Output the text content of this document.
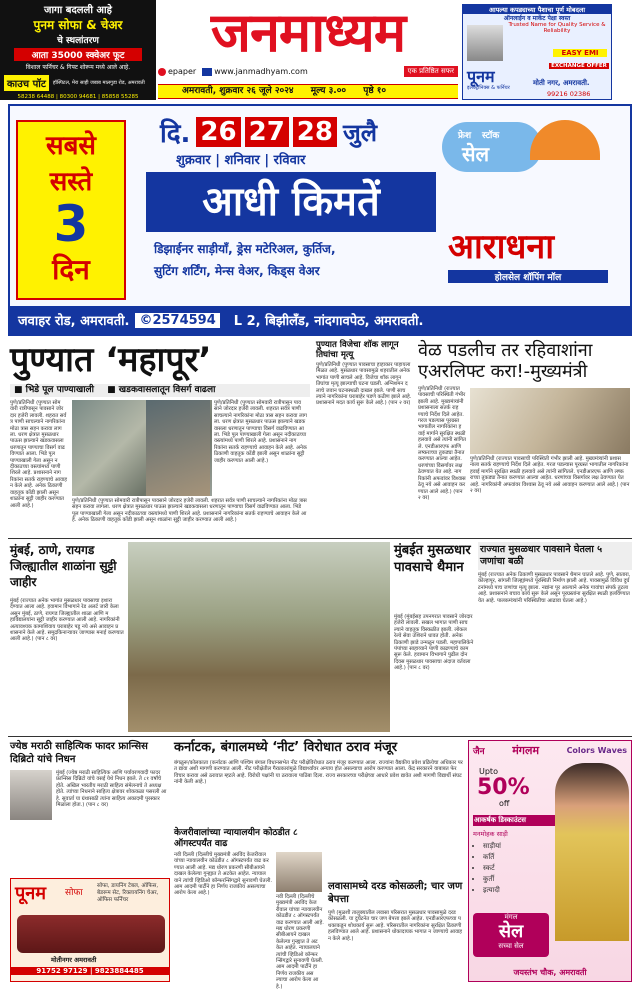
जागा बदलली आहे
पुनम सोफा & चेअर
चे स्थलांतरण
आता 35000 स्क्वेअर फूट
विशाल फर्निचर & गिफ्ट शोरूम मध्ये आले आहे.
काउच पॉट	हॉस्पिटल, मेरा साही जबाब मालगुडा रोड, अमरावती
58238 64488 | 80300 94681 | 85858 55285
जनमाध्यम
epaper www.janmadhyam.com	एक प्रतिष्ठित सफर
आपल्या कपड्याच्या पैशाचा पूर्ण मोबदला
ऑनलाईन व मार्केट पेक्षा स्वस्त
Trusted Name for Quality Service & Reliability
पूनम
इलेक्ट्रॉनिक्स & फर्निचर
EASY EMI
EXCHANGE OFFER
मोती नगर, अमरावती.
99216 02386
अमरावती, शुक्रवार २६ जूले २०२४ मूल्य ३.०० पृष्ठे १०
सबसे
सस्ते
3
दिन
दि. 26 27 28 जुलै
शुक्रवार | शनिवार | रविवार
आधी किमतें
डिझाईनर साड़ीयाँ, ड्रेस मटेरिअल, कुर्तिज,
सुटिंग शर्टिंग, मेन्स वेअर, किड्स वेअर
फ्रेश स्टॉक
सेल
आराधना
होलसेल शॉपिंग मॉल
जवाहर रोड, अमरावती. ©2574594	L 2, बिझीलँड, नांदगावपेठ, अमरावती.
पुण्यात ‘महापूर’
■ भिडे पूल पाण्याखाली ■ खडकवासलातून विसर्ग वाढला
पुणे/प्रतिनिधी (पुण्यात सोमवारी रात्रीपासून पावसाने जोरदार हजेरी लावली. शहरात सर्वत्र पाणी साचल्याने नागरिकांना मोठा त्रास सहन करावा लागला. धरण क्षेत्रात मुसळधार पाऊस झाल्याने खडकवासला धरणातून पाण्याचा विसर्ग वाढविण्यात आला. भिडे पूल पाण्याखाली गेला असून नदीकाठच्या वस्त्यांमध्ये पाणी शिरले आहे. प्रशासनाने नागरिकांना सतर्क राहण्याचे आवाहन केले आहे. अनेक ठिकाणी वाहतूक कोंडी झाली असून शाळांना सुट्टी जाहीर करण्यात आली आहे.)
पुणे/प्रतिनिधी (पुण्यात सोमवारी रात्रीपासून पावसाने जोरदार हजेरी लावली. शहरात सर्वत्र पाणी साचल्याने नागरिकांना मोठा त्रास सहन करावा लागला. धरण क्षेत्रात मुसळधार पाऊस झाल्याने खडकवासला धरणातून पाण्याचा विसर्ग वाढविण्यात आला. भिडे पूल पाण्याखाली गेला असून नदीकाठच्या वस्त्यांमध्ये पाणी शिरले आहे. प्रशासनाने नागरिकांना सतर्क राहण्याचे आवाहन केले आहे. अनेक ठिकाणी वाहतूक कोंडी झाली असून शाळांना सुट्टी जाहीर करण्यात आली आहे.)
पुणे/प्रतिनिधी (पुण्यात सोमवारी रात्रीपासून पावसाने जोरदार हजेरी लावली. शहरात सर्वत्र पाणी साचल्याने नागरिकांना मोठा त्रास सहन करावा लागला. धरण क्षेत्रात मुसळधार पाऊस झाल्याने खडकवासला धरणातून पाण्याचा विसर्ग वाढविण्यात आला. भिडे पूल पाण्याखाली गेला असून नदीकाठच्या वस्त्यांमध्ये पाणी शिरले आहे. प्रशासनाने नागरिकांना सतर्क राहण्याचे आवाहन केले आहे. अनेक ठिकाणी वाहतूक कोंडी झाली असून शाळांना सुट्टी जाहीर करण्यात आली आहे.)
पुण्यात विजेचा शॉक लागून तिघांचा मृत्यू
पुणे/प्रतिनिधी (पुण्यात पावसाचा हाहाकार पाहायला मिळत आहे. मुसळधार पावसामुळे शहरातील अनेक भागांत पाणी साचले आहे. विजेचा शॉक लागून तिघांचा मृत्यू झाल्याची घटना घडली. अग्निशमन दलाचे जवान घटनास्थळी दाखल झाले. पाणी साचल्याने नागरिकांना घराबाहेर पडणे कठीण झाले आहे. प्रशासनाने मदत कार्य सुरू केले आहे.) (पान २ वर)
वेळ पडलीच तर रहिवाशांना एअरलिफ्ट करा!-मुख्यमंत्री
पुणे/प्रतिनिधी (राज्यात पावसाची परिस्थिती गंभीर झाली आहे. मुख्यमंत्र्यांनी प्रशासनाला सतर्क राहण्याचे निर्देश दिले आहेत. गरज पडल्यास पूरग्रस्त भागातील नागरिकांना हवाई मार्गाने सुरक्षित स्थळी हलवावे असे त्यांनी सांगितले. एनडीआरएफ आणि लष्कराच्या तुकड्या तैनात करण्यात आल्या आहेत. धरणांच्या विसर्गावर लक्ष ठेवण्यात येत आहे. नागरिकांनी अफवांवर विश्वास ठेवू नये असे आवाहन करण्यात आले आहे.) (पान २ वर)
पुणे/प्रतिनिधी (राज्यात पावसाची परिस्थिती गंभीर झाली आहे. मुख्यमंत्र्यांनी प्रशासनाला सतर्क राहण्याचे निर्देश दिले आहेत. गरज पडल्यास पूरग्रस्त भागातील नागरिकांना हवाई मार्गाने सुरक्षित स्थळी हलवावे असे त्यांनी सांगितले. एनडीआरएफ आणि लष्कराच्या तुकड्या तैनात करण्यात आल्या आहेत. धरणांच्या विसर्गावर लक्ष ठेवण्यात येत आहे. नागरिकांनी अफवांवर विश्वास ठेवू नये असे आवाहन करण्यात आले आहे.) (पान २ वर)
मुंबई, ठाणे, रायगड जिल्ह्यातील शाळांना सुट्टी जाहीर
मुंबई (राज्यात अनेक भागांत मुसळधार पावसाचा इशारा देण्यात आला आहे. हवामान विभागाने रेड अलर्ट जारी केला असून मुंबई, ठाणे, रायगड जिल्ह्यातील शाळा आणि महाविद्यालयांना सुट्टी जाहीर करण्यात आली आहे. नागरिकांनी अत्यावश्यक कामाशिवाय घराबाहेर पडू नये असे आवाहन प्रशासनाने केले आहे. समुद्रकिनाऱ्यावर जाण्यास मनाई करण्यात आली आहे.) (पान ८ वर)
मुंबईत मुसळधार पावसाचे थैमान
मुंबई (मुंबईसह उपनगरात पावसाने जोरदार हजेरी लावली. सखल भागात पाणी साचल्याने वाहतूक विस्कळीत झाली. लोकल रेल्वे सेवा उशिराने धावत होती. अनेक ठिकाणी झाडे उन्मळून पडली. महापालिकेने पंपांच्या साहाय्याने पाणी काढण्याचे काम सुरू केले. हवामान विभागाने पुढील दोन दिवस मुसळधार पावसाचा अंदाज वर्तवला आहे.) (पान ८ वर)
राज्यात मुसळधार पावसाने घेतला ५ जणांचा बळी
मुंबई (राज्यात अनेक ठिकाणी मुसळधार पावसाने थैमान घातले आहे. पुणे, सातारा, कोल्हापूर, सांगली जिल्ह्यांमध्ये पूरस्थिती निर्माण झाली आहे. पावसामुळे विविध दुर्घटनांमध्ये पाच जणांचा मृत्यू झाला. नद्यांना पूर आल्याने अनेक गावांचा संपर्क तुटला आहे. प्रशासनाने बचाव कार्य सुरू केले असून पूरग्रस्तांना सुरक्षित स्थळी हलविण्यात येत आहे. पालकमंत्र्यांनी परिस्थितीचा आढावा घेतला आहे.)
ज्येष्ठ मराठी साहित्यिक फादर फ्रान्सिस दिब्रिटो यांचे निधन
मुंबई (ज्येष्ठ मराठी साहित्यिक आणि पर्यावरणवादी फादर फ्रान्सिस दिब्रिटो यांचे वसई येथे निधन झाले. ते ८१ वर्षांचे होते. अखिल भारतीय मराठी साहित्य संमेलनाचे ते अध्यक्ष होते. त्यांच्या निधनाने साहित्य क्षेत्रावर शोककळा पसरली आहे. सुवार्ता या ग्रंथासाठी त्यांना साहित्य अकादमी पुरस्कार मिळाला होता.) (पान ८ वर)
पूनम सोफा
सोफा, डायनिंग टेबल, ऑफिस, बेडरूम सेट, रिक्लायनिंग चेअर, ऑफिस फर्निचर
मोतीनगर अमरावती
91752 97129 | 9823884485
कर्नाटक, बंगालमध्ये ‘नीट’ विरोधात ठराव मंजूर
बंगळुरू/कोलकाता (कर्नाटक आणि पश्चिम बंगाल विधानसभेत नीट परीक्षेविरोधात ठराव मंजूर करण्यात आला. राज्यांना वैद्यकीय प्रवेश प्रक्रियेचा अधिकार परत द्यावा अशी मागणी करण्यात आली. नीट परीक्षेतील गैरप्रकारांमुळे विद्यार्थ्यांवर अन्याय होत असल्याचा आरोप करण्यात आला. केंद्र सरकारने याबाबत फेरविचार करावा असे ठरावात म्हटले आहे. विरोधी पक्षांनी या ठरावाला पाठिंबा दिला. राज्य सरकारच्या परीक्षेच्या आधारे प्रवेश द्यावेत अशी मागणी विद्यार्थी संघटनांनी केली आहे.)
केजरीवालांच्या न्यायालयीन कोठडीत ८ ऑगस्टपर्यंत वाढ
नवी दिल्ली (दिल्लीचे मुख्यमंत्री अरविंद केजरीवाल यांच्या न्यायालयीन कोठडीत ८ ऑगस्टपर्यंत वाढ करण्यात आली आहे. मद्य धोरण प्रकरणी सीबीआयने दाखल केलेल्या गुन्ह्यात ते अटकेत आहेत. न्यायालयाने त्यांची व्हिडिओ कॉन्फरन्सिंगद्वारे सुनावणी घेतली. आम आदमी पार्टीने हा निर्णय राजकीय असल्याचा आरोप केला आहे.)
नवी दिल्ली (दिल्लीचे मुख्यमंत्री अरविंद केजरीवाल यांच्या न्यायालयीन कोठडीत ८ ऑगस्टपर्यंत वाढ करण्यात आली आहे. मद्य धोरण प्रकरणी सीबीआयने दाखल केलेल्या गुन्ह्यात ते अटकेत आहेत. न्यायालयाने त्यांची व्हिडिओ कॉन्फरन्सिंगद्वारे सुनावणी घेतली. आम आदमी पार्टीने हा निर्णय राजकीय असल्याचा आरोप केला आहे.)
लवासामध्ये दरड कोसळली; चार जण बेपत्ता
पुणे (मुळशी तालुक्यातील लवासा परिसरात मुसळधार पावसामुळे दरड कोसळली. या दुर्घटनेत चार जण बेपत्ता झाले आहेत. एनडीआरएफच्या पथकाकडून शोधकार्य सुरू आहे. परिसरातील नागरिकांना सुरक्षित ठिकाणी हलविण्यात आले आहे. प्रशासनाने धोकादायक भागात न जाण्याचे आवाहन केले आहे.)
जैन	मंगलम	Colors Waves
Upto
50%
off
आकर्षक डिस्काउंटस
मनमोहक साड़ी
• साड़ीयां
• कर्ति
• स्कर्ट
• कुर्ती
• इत्यादी
मंगल
सेल
सच्चा सेल
जयस्तंभ चौक, अमरावती
